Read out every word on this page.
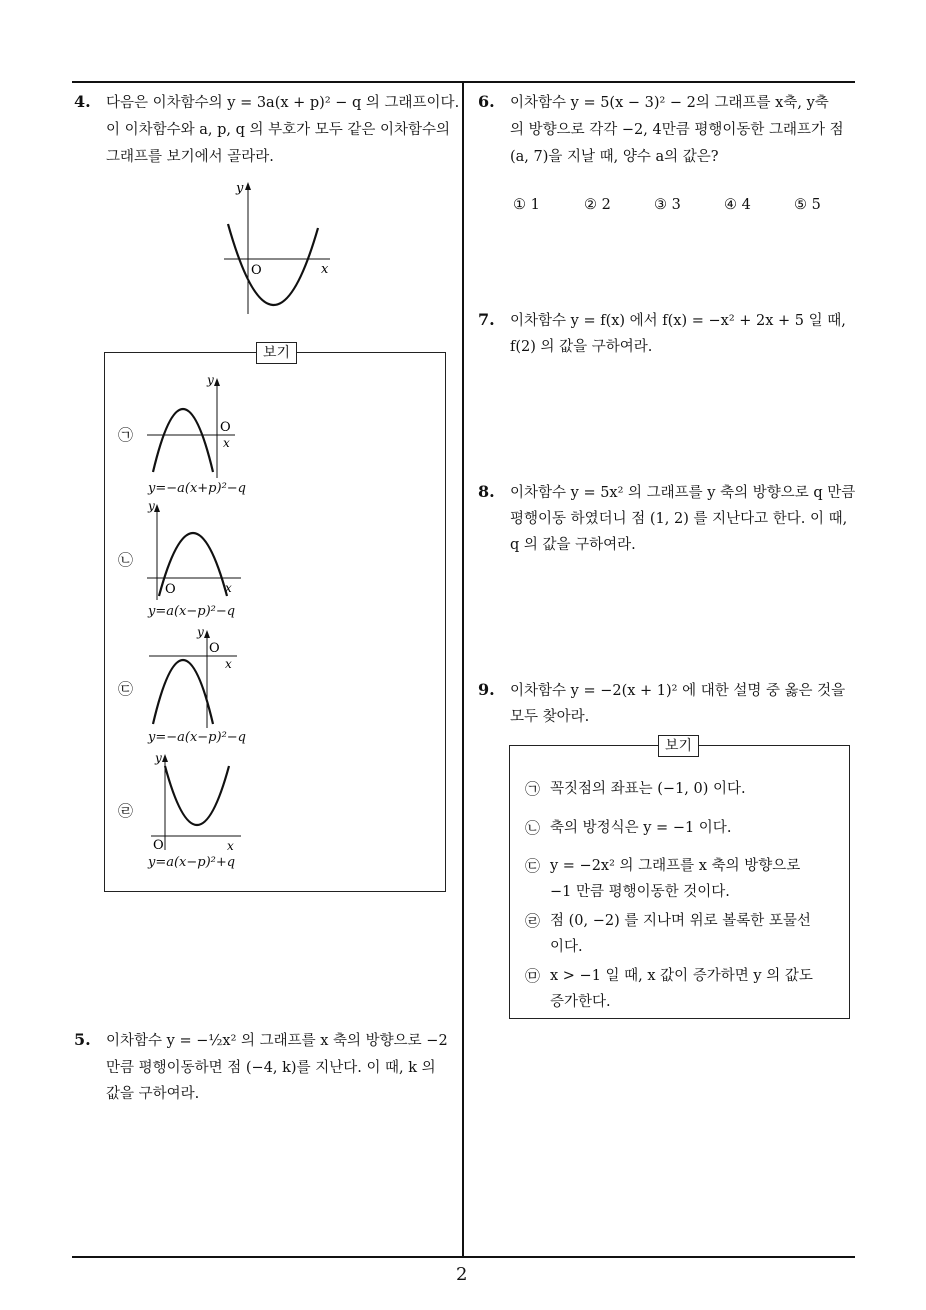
2
4. 다음은 이차함수의 y = 3a(x + p)² − q 의 그래프이다.
이 이차함수와 a, p, q 의 부호가 모두 같은 이차함수의
그래프를 보기에서 골라라.
y
O	x
보기
㉠
y
O
x
y=−a(x+p)²−q
㉡
y
O	x
y=a(x−p)²−q
㉢
y
O
x
y=−a(x−p)²−q
㉣
y
O	x
y=a(x−p)²+q
5. 이차함수 y = −½x² 의 그래프를 x 축의 방향으로 −2
만큼 평행이동하면 점 (−4, k)를 지난다. 이 때, k 의
값을 구하여라.
6. 이차함수 y = 5(x − 3)² − 2의 그래프를 x축, y축
의 방향으로 각각 −2, 4만큼 평행이동한 그래프가 점
(a, 7)을 지날 때, 양수 a의 값은?
① 1	② 2	③ 3	④ 4	⑤ 5
7. 이차함수 y = f(x) 에서 f(x) = −x² + 2x + 5 일 때,
f(2) 의 값을 구하여라.
8. 이차함수 y = 5x² 의 그래프를 y 축의 방향으로 q 만큼
평행이동 하였더니 점 (1, 2) 를 지난다고 한다. 이 때,
q 의 값을 구하여라.
9. 이차함수 y = −2(x + 1)² 에 대한 설명 중 옳은 것을
모두 찾아라.
보기
㉠ 꼭짓점의 좌표는 (−1, 0) 이다.
㉡ 축의 방정식은 y = −1 이다.
㉢ y = −2x² 의 그래프를 x 축의 방향으로
−1 만큼 평행이동한 것이다.
㉣ 점 (0, −2) 를 지나며 위로 볼록한 포물선
이다.
㉤ x > −1 일 때, x 값이 증가하면 y 의 값도
증가한다.
